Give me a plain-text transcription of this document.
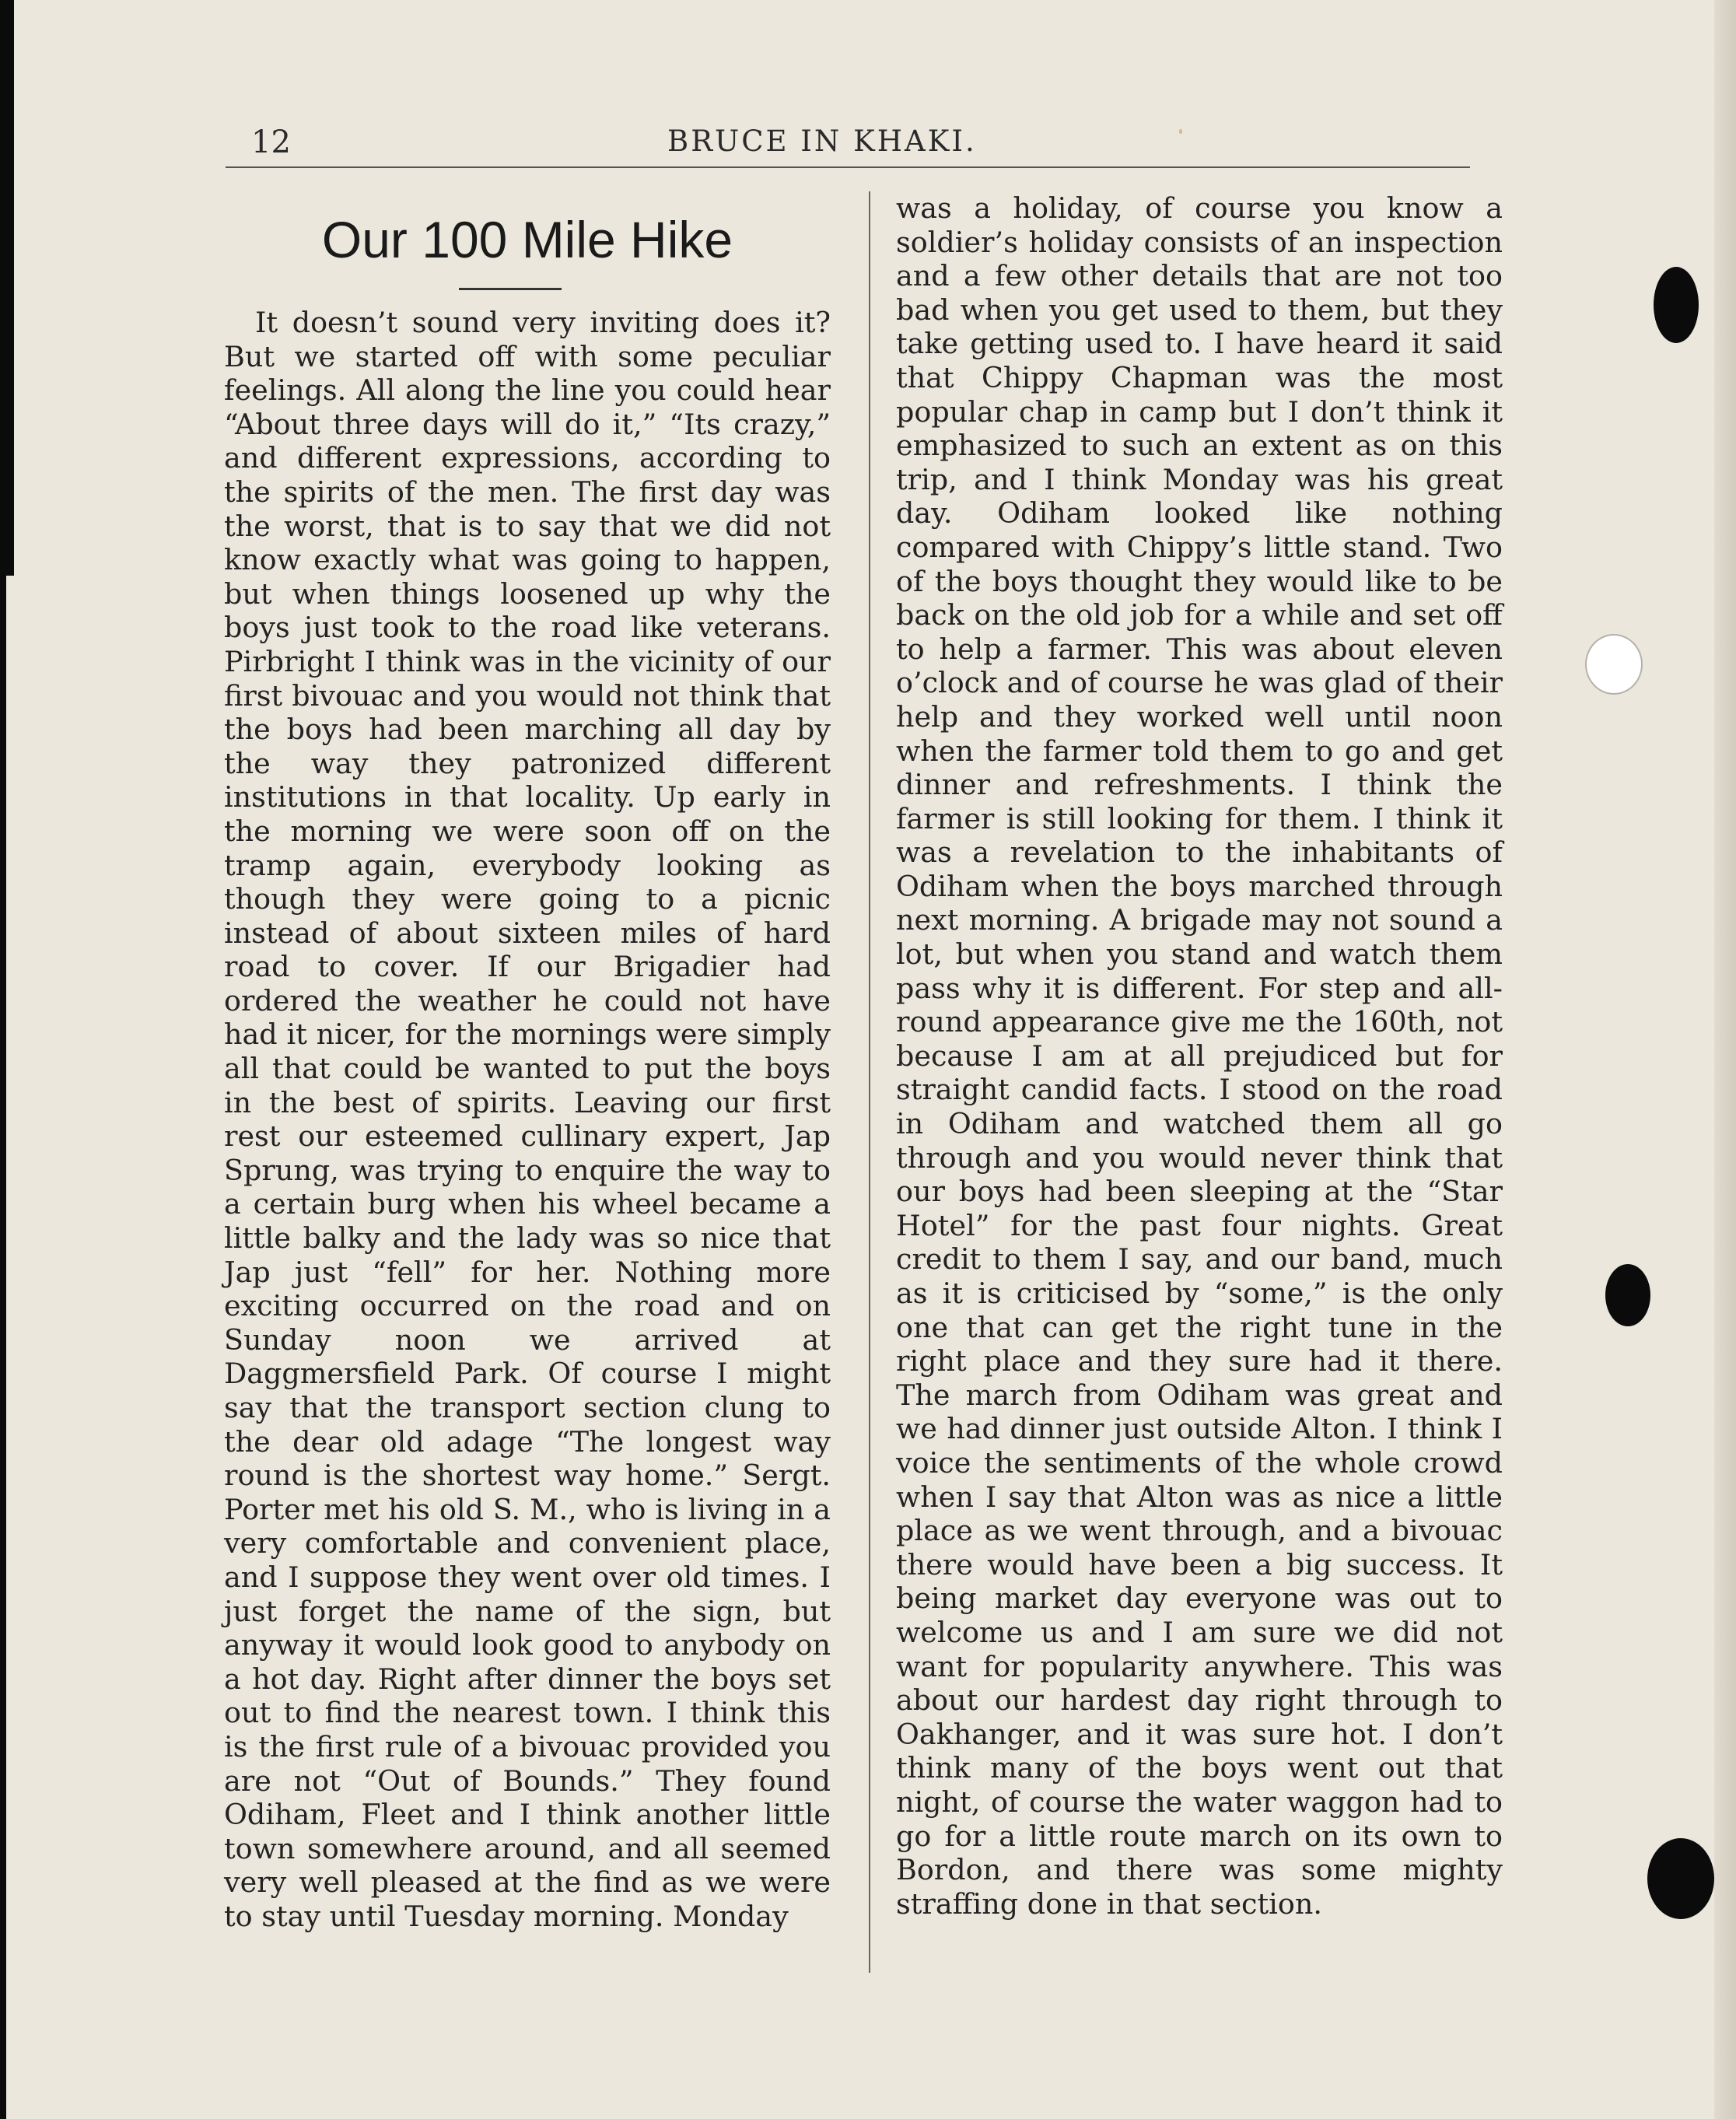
12	BRUCE IN KHAKI.
Our 100 Mile Hike

It doesn’t sound very inviting does it? But we started off with some peculiar feelings. All along the line you could hear “About three days will do it,” “Its crazy,” and different expressions, according to the spirits of the men. The first day was the worst, that is to say that we did not know exactly what was going to happen, but when things loosened up why the boys just took to the road like veterans. Pirbright I think was in the vicinity of our first bivouac and you would not think that the boys had been marching all day by the way they patronized different institutions in that locality. Up early in the morning we were soon off on the tramp again, everybody looking as though they were going to a picnic instead of about sixteen miles of hard road to cover. If our Brigadier had ordered the weather he could not have had it nicer, for the mornings were simply all that could be wanted to put the boys in the best of spirits. Leaving our first rest our esteemed cullinary expert, Jap Sprung, was trying to enquire the way to a certain burg when his wheel became a little balky and the lady was so nice that Jap just “fell” for her. Nothing more exciting occurred on the road and on Sunday noon we arrived at Daggmersfield Park. Of course I might say that the transport section clung to the dear old adage “The longest way round is the shortest way home.” Sergt. Porter met his old S. M., who is living in a very comfortable and convenient place, and I suppose they went over old times. I just forget the name of the sign, but anyway it would look good to anybody on a hot day. Right after dinner the boys set out to find the nearest town. I think this is the first rule of a bivouac provided you are not “Out of Bounds.” They found Odiham, Fleet and I think another little town somewhere around, and all seemed very well pleased at the find as we were to stay until Tuesday morning. Monday

was a holiday, of course you know a soldier’s holiday consists of an inspection and a few other details that are not too bad when you get used to them, but they take getting used to. I have heard it said that Chippy Chapman was the most popular chap in camp but I don’t think it emphasized to such an extent as on this trip, and I think Monday was his great day. Odiham looked like nothing compared with Chippy’s little stand. Two of the boys thought they would like to be back on the old job for a while and set off to help a farmer. This was about eleven o’clock and of course he was glad of their help and they worked well until noon when the farmer told them to go and get dinner and refreshments. I think the farmer is still looking for them. I think it was a revelation to the inhabitants of Odiham when the boys marched through next morning. A brigade may not sound a lot, but when you stand and watch them pass why it is different. For step and all-round appearance give me the 160th, not because I am at all prejudiced but for straight candid facts. I stood on the road in Odiham and watched them all go through and you would never think that our boys had been sleeping at the “Star Hotel” for the past four nights. Great credit to them I say, and our band, much as it is criticised by “some,” is the only one that can get the right tune in the right place and they sure had it there. The march from Odiham was great and we had dinner just outside Alton. I think I voice the sentiments of the whole crowd when I say that Alton was as nice a little place as we went through, and a bivouac there would have been a big success. It being market day everyone was out to welcome us and I am sure we did not want for popularity anywhere. This was about our hardest day right through to Oakhanger, and it was sure hot. I don’t think many of the boys went out that night, of course the water waggon had to go for a little route march on its own to Bordon, and there was some mighty straffing done in that section.
